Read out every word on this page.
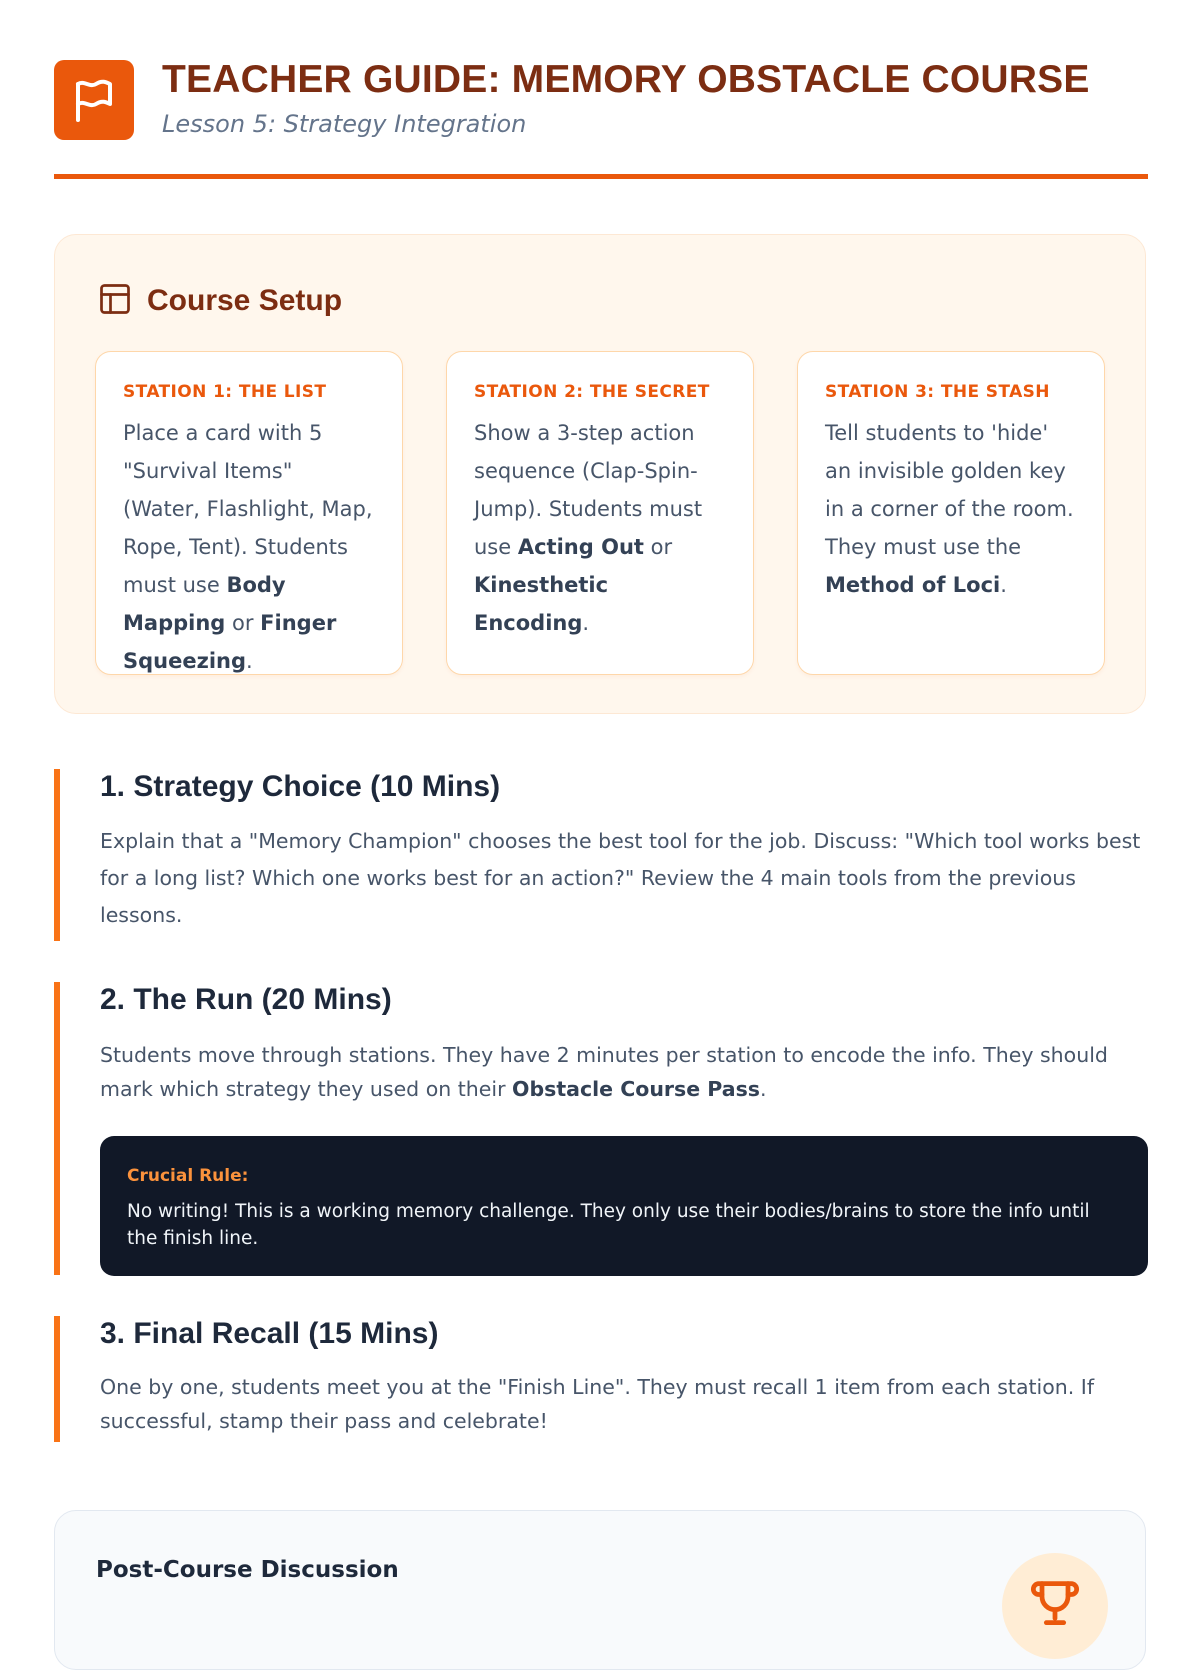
TEACHER GUIDE: MEMORY OBSTACLE COURSE
Lesson 5: Strategy Integration
Course Setup
STATION 1: THE LIST
Place a card with 5 "Survival Items" (Water, Flashlight, Map, Rope, Tent). Students must use Body Mapping or Finger Squeezing.
STATION 2: THE SECRET
Show a 3-step action sequence (Clap-Spin-Jump). Students must use Acting Out or Kinesthetic Encoding.
STATION 3: THE STASH
Tell students to 'hide' an invisible golden key in a corner of the room. They must use the Method of Loci.
1. Strategy Choice (10 Mins)

Explain that a "Memory Champion" chooses the best tool for the job. Discuss: "Which tool works best for a long list? Which one works best for an action?" Review the 4 main tools from the previous lessons.

2. The Run (20 Mins)

Students move through stations. They have 2 minutes per station to encode the info. They should mark which strategy they used on their Obstacle Course Pass.

Crucial Rule:
No writing! This is a working memory challenge. They only use their bodies/brains to store the info until the finish line.
3. Final Recall (15 Mins)

One by one, students meet you at the "Finish Line". They must recall 1 item from each station. If successful, stamp their pass and celebrate!

Post-Course Discussion
